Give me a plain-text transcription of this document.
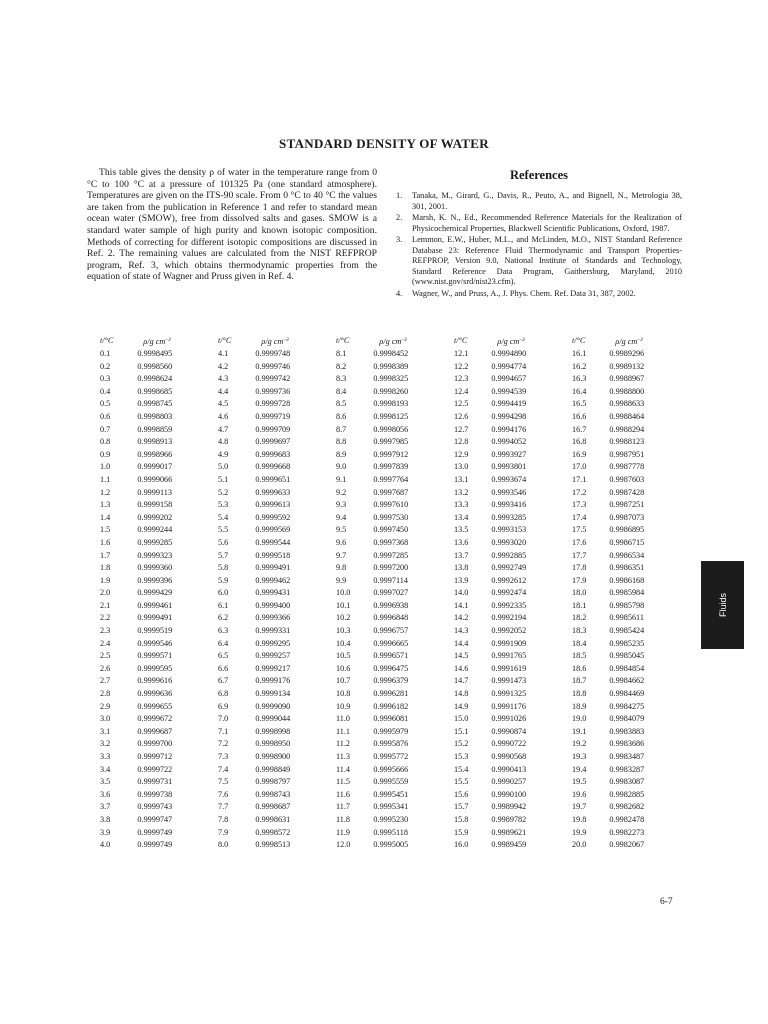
STANDARD DENSITY OF WATER

This table gives the density ρ of water in the temperature range from 0 °C to 100 °C at a pressure of 101325 Pa (one standard atmosphere). Temperatures are given on the ITS-90 scale. From 0 °C to 40 °C the values are taken from the publication in Reference 1 and refer to standard mean ocean water (SMOW), free from dissolved salts and gases. SMOW is a standard water sample of high purity and known isotopic composition. Methods of correcting for different isotopic compositions are discussed in Ref. 2. The remaining values are calculated from the NIST REFPROP program, Ref. 3, which obtains thermodynamic properties from the equation of state of Wagner and Pruss given in Ref. 4.

References
1. Tanaka, M., Girard, G., Davis, R., Peuto, A., and Bignell, N., Metrologia 38, 301, 2001.
2. Marsh, K. N., Ed., Recommended Reference Materials for the Realization of Physicochemical Properties, Blackwell Scientific Publications, Oxford, 1987.
3. Lemmon, E.W., Huber, M.L., and McLinden, M.O., NIST Standard Reference Database 23: Reference Fluid Thermodynamic and Transport Properties-REFPROP, Version 9.0, National Institute of Standards and Technology, Standard Reference Data Program, Gaithersburg, Maryland, 2010 (www.nist.gov/srd/nist23.cfm).
4. Wagner, W., and Pruss, A., J. Phys. Chem. Ref. Data 31, 387, 2002.
t/°C	ρ/g $cm^{-3}$	t/°C	ρ/g $cm^{-3}$	t/°C	ρ/g $cm^{-3}$	t/°C	ρ/g $cm^{-3}$	t/°C	ρ/g $cm^{-3}$
0.1	0.9998495	4.1	0.9999748	8.1	0.9998452	12.1	0.9994890	16.1	0.9989296
0.2	0.9998560	4.2	0.9999746	8.2	0.9998389	12.2	0.9994774	16.2	0.9989132
0.3	0.9998624	4.3	0.9999742	8.3	0.9998325	12.3	0.9994657	16.3	0.9988967
0.4	0.9998685	4.4	0.9999736	8.4	0.9998260	12.4	0.9994539	16.4	0.9988800
0.5	0.9998745	4.5	0.9999728	8.5	0.9998193	12.5	0.9994419	16.5	0.9988633
0.6	0.9998803	4.6	0.9999719	8.6	0.9998125	12.6	0.9994298	16.6	0.9988464
0.7	0.9998859	4.7	0.9999709	8.7	0.9998056	12.7	0.9994176	16.7	0.9988294
0.8	0.9998913	4.8	0.9999697	8.8	0.9997985	12.8	0.9994052	16.8	0.9988123
0.9	0.9998966	4.9	0.9999683	8.9	0.9997912	12.9	0.9993927	16.9	0.9987951
1.0	0.9999017	5.0	0.9999668	9.0	0.9997839	13.0	0.9993801	17.0	0.9987778
1.1	0.9999066	5.1	0.9999651	9.1	0.9997764	13.1	0.9993674	17.1	0.9987603
1.2	0.9999113	5.2	0.9999633	9.2	0.9997687	13.2	0.9993546	17.2	0.9987428
1.3	0.9999158	5.3	0.9999613	9.3	0.9997610	13.3	0.9993416	17.3	0.9987251
1.4	0.9999202	5.4	0.9999592	9.4	0.9997530	13.4	0.9993285	17.4	0.9987073
1.5	0.9999244	5.5	0.9999569	9.5	0.9997450	13.5	0.9993153	17.5	0.9986895
1.6	0.9999285	5.6	0.9999544	9.6	0.9997368	13.6	0.9993020	17.6	0.9986715
1.7	0.9999323	5.7	0.9999518	9.7	0.9997285	13.7	0.9992885	17.7	0.9986534
1.8	0.9999360	5.8	0.9999491	9.8	0.9997200	13.8	0.9992749	17.8	0.9986351
1.9	0.9999396	5.9	0.9999462	9.9	0.9997114	13.9	0.9992612	17.9	0.9986168
2.0	0.9999429	6.0	0.9999431	10.0	0.9997027	14.0	0.9992474	18.0	0.9985984
2.1	0.9999461	6.1	0.9999400	10.1	0.9996938	14.1	0.9992335	18.1	0.9985798
2.2	0.9999491	6.2	0.9999366	10.2	0.9996848	14.2	0.9992194	18.2	0.9985611
2.3	0.9999519	6.3	0.9999331	10.3	0.9996757	14.3	0.9992052	18.3	0.9985424
2.4	0.9999546	6.4	0.9999295	10.4	0.9996665	14.4	0.9991909	18.4	0.9985235
2.5	0.9999571	6.5	0.9999257	10.5	0.9996571	14.5	0.9991765	18.5	0.9985045
2.6	0.9999595	6.6	0.9999217	10.6	0.9996475	14.6	0.9991619	18.6	0.9984854
2.7	0.9999616	6.7	0.9999176	10.7	0.9996379	14.7	0.9991473	18.7	0.9984662
2.8	0.9999636	6.8	0.9999134	10.8	0.9996281	14.8	0.9991325	18.8	0.9984469
2.9	0.9999655	6.9	0.9999090	10.9	0.9996182	14.9	0.9991176	18.9	0.9984275
3.0	0.9999672	7.0	0.9999044	11.0	0.9996081	15.0	0.9991026	19.0	0.9984079
3.1	0.9999687	7.1	0.9998998	11.1	0.9995979	15.1	0.9990874	19.1	0.9983883
3.2	0.9999700	7.2	0.9998950	11.2	0.9995876	15.2	0.9990722	19.2	0.9983686
3.3	0.9999712	7.3	0.9998900	11.3	0.9995772	15.3	0.9990568	19.3	0.9983487
3.4	0.9999722	7.4	0.9998849	11.4	0.9995666	15.4	0.9990413	19.4	0.9983287
3.5	0.9999731	7.5	0.9998797	11.5	0.9995559	15.5	0.9990257	19.5	0.9983087
3.6	0.9999738	7.6	0.9998743	11.6	0.9995451	15.6	0.9990100	19.6	0.9982885
3.7	0.9999743	7.7	0.9998687	11.7	0.9995341	15.7	0.9989942	19.7	0.9982682
3.8	0.9999747	7.8	0.9998631	11.8	0.9995230	15.8	0.9989782	19.8	0.9982478
3.9	0.9999749	7.9	0.9998572	11.9	0.9995118	15.9	0.9989621	19.9	0.9982273
4.0	0.9999749	8.0	0.9998513	12.0	0.9995005	16.0	0.9989459	20.0	0.9982067
Fluids
6-7
